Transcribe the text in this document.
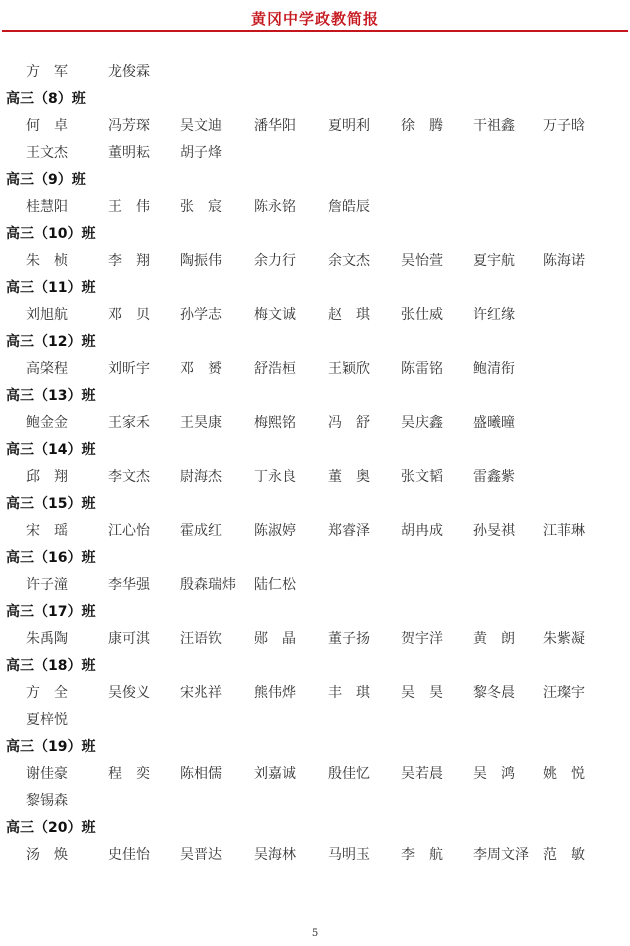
黄冈中学政教简报
方　军	龙俊霖
高三（8）班
何　卓	冯芳琛 吴文迪 潘华阳 夏明利 徐　腾 干祖鑫 万子晗
王文杰	董明耘 胡子烽
高三（9）班
桂慧阳	王　伟 张　宸 陈永铭 詹皓辰
高三（10）班
朱　桢	李　翔 陶振伟 余力行 余文杰 吴怡萱 夏宇航 陈海诺
高三（11）班
刘旭航	邓　贝 孙学志 梅文诚 赵　琪 张仕威 许红缘
高三（12）班
高棨程	刘昕宇 邓　赟 舒浩桓 王颖欣 陈雷铭 鲍清衔
高三（13）班
鲍金金	王家禾 王昊康 梅熙铭 冯　舒 吴庆鑫 盛曦曈
高三（14）班
邱　翔	李文杰 尉海杰 丁永良 董　奥 张文韬 雷鑫紫
高三（15）班
宋　瑶	江心怡 霍成红 陈淑婷 郑睿泽 胡冉成 孙旻祺 江菲琳
高三（16）班
许子潼	李华强 殷森瑞炜 陆仁松
高三（17）班
朱禹陶	康可淇 汪语钦 郧　晶 董子扬 贺宇洋 黄　朗 朱紫凝
高三（18）班
方　全	吴俊义 宋兆祥 熊伟烨 丰　琪 吴　昊 黎冬晨 汪璨宇
夏梓悦
高三（19）班
谢佳豪	程　奕 陈相儒 刘嘉诚 殷佳忆 吴若晨 吴　鸿 姚　悦
黎锡森
高三（20）班
汤　焕	史佳怡 吴晋达 吴海林 马明玉 李　航 李周文泽 范　敏
5
